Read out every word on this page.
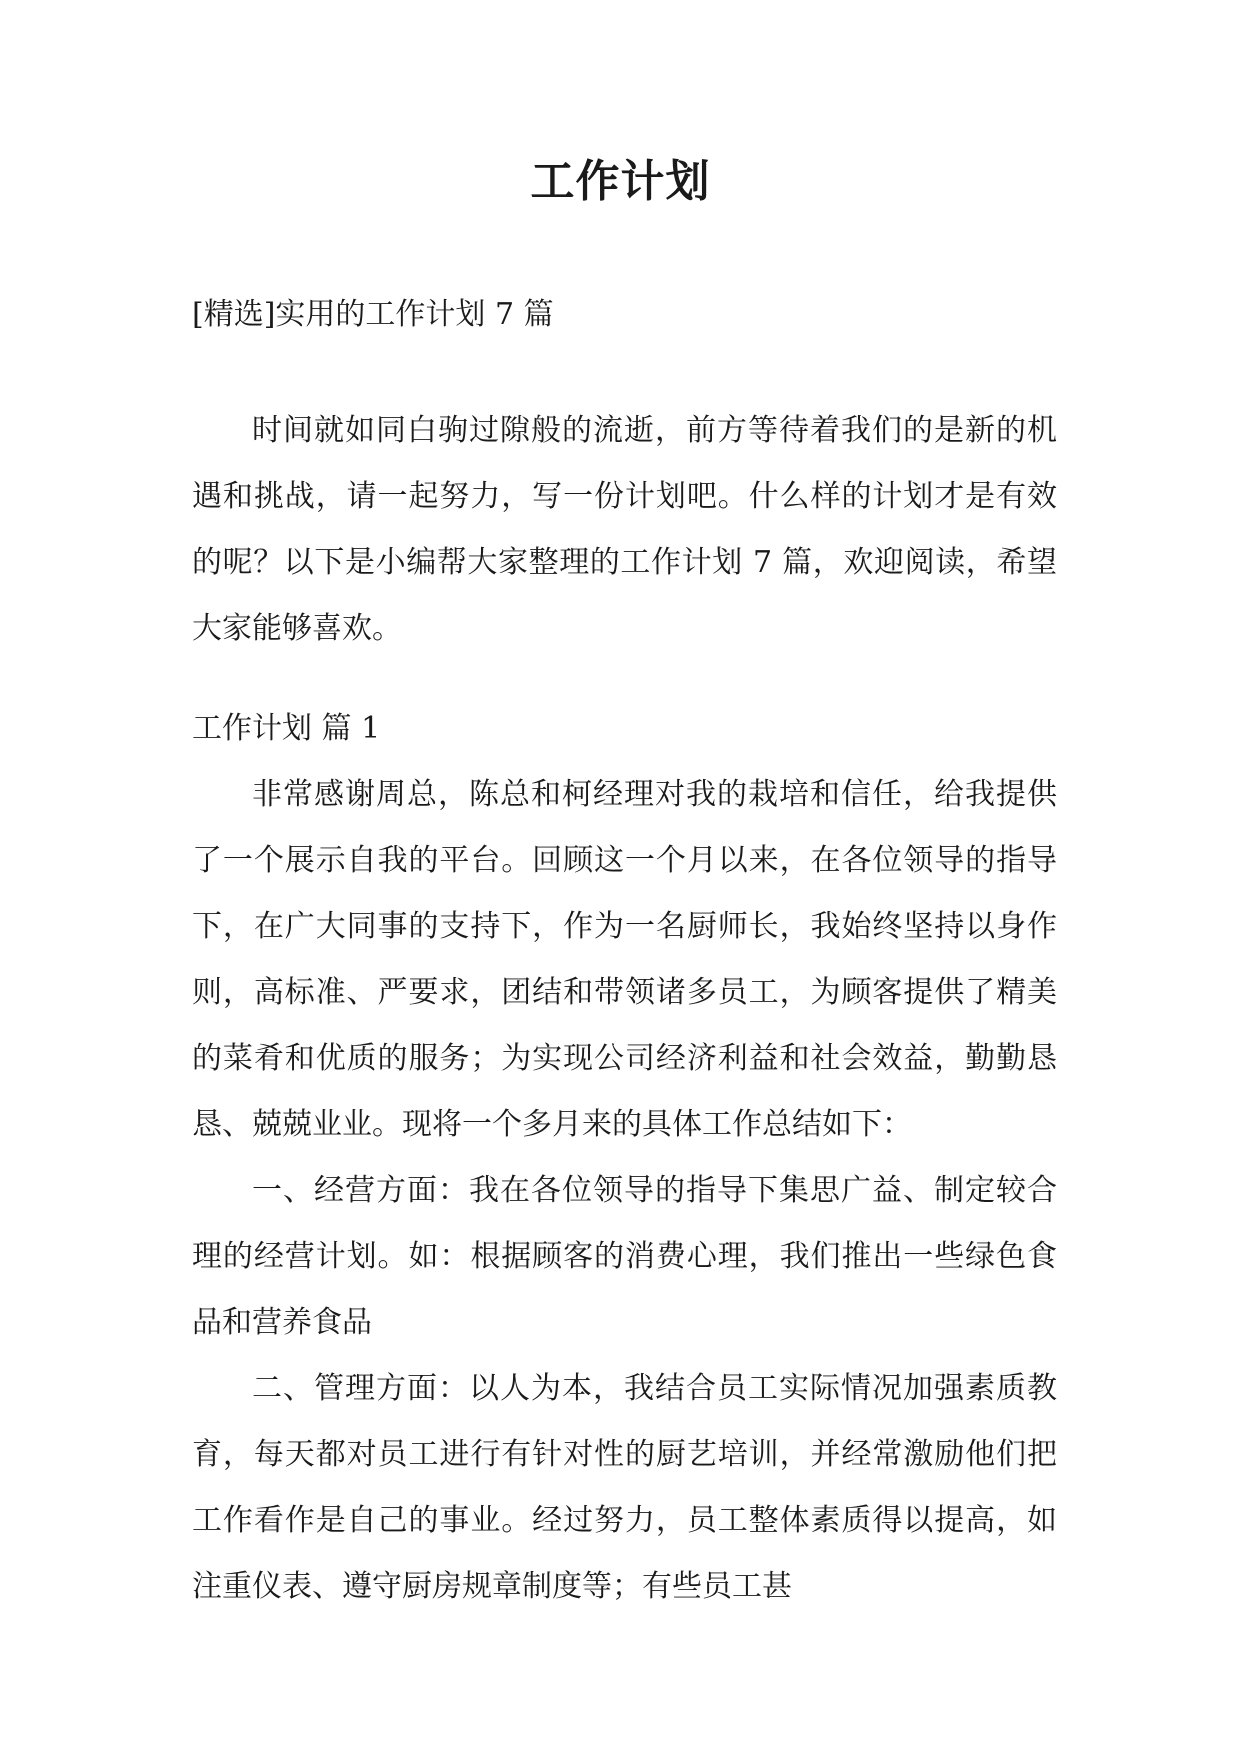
工作计划
[精选]实用的工作计划 7 篇

时间就如同白驹过隙般的流逝，前方等待着我们的是新的机遇和挑战，请一起努力，写一份计划吧。什么样的计划才是有效的呢？以下是小编帮大家整理的工作计划 7 篇，欢迎阅读，希望大家能够喜欢。

工作计划 篇 1

非常感谢周总，陈总和柯经理对我的栽培和信任，给我提供了一个展示自我的平台。回顾这一个月以来，在各位领导的指导下，在广大同事的支持下，作为一名厨师长，我始终坚持以身作则，高标准、严要求，团结和带领诸多员工，为顾客提供了精美的菜肴和优质的服务；为实现公司经济利益和社会效益，勤勤恳恳、兢兢业业。现将一个多月来的具体工作总结如下：

一、经营方面：我在各位领导的指导下集思广益、制定较合理的经营计划。如：根据顾客的消费心理，我们推出一些绿色食品和营养食品

二、管理方面：以人为本，我结合员工实际情况加强素质教育，每天都对员工进行有针对性的厨艺培训，并经常激励他们把工作看作是自己的事业。经过努力，员工整体素质得以提高，如注重仪表、遵守厨房规章制度等；有些员工甚
